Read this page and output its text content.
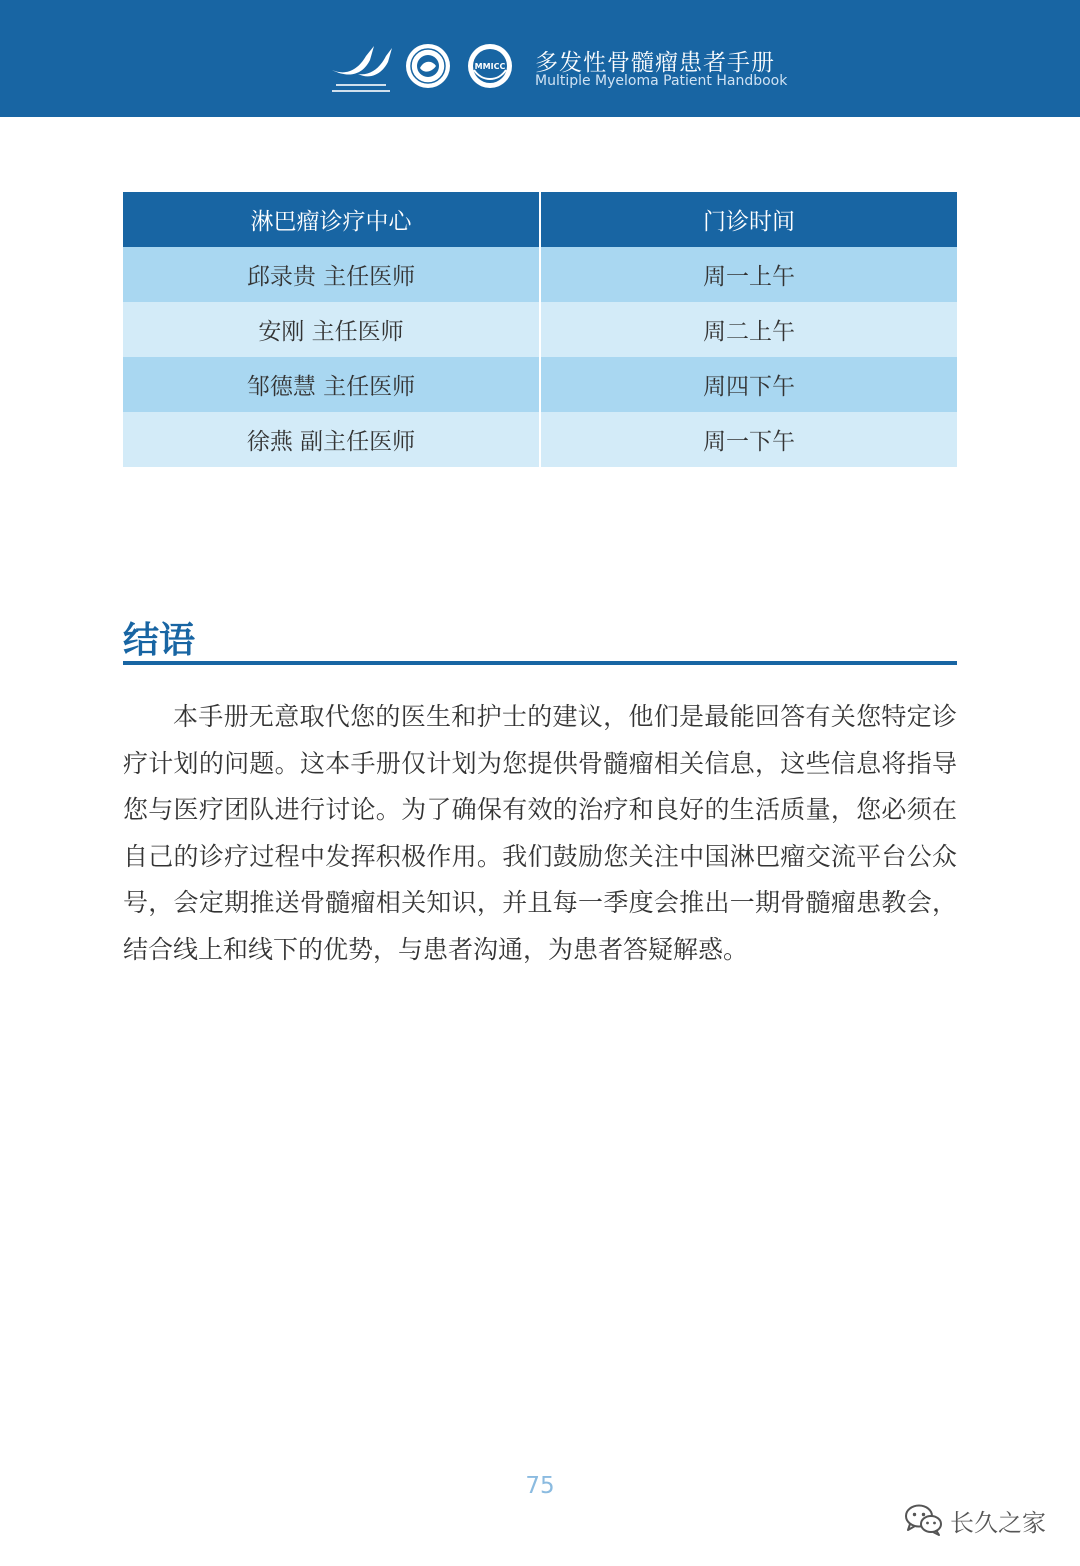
MMICC 多发性骨髓瘤患者手册
Multiple Myeloma Patient Handbook
淋巴瘤诊疗中心	门诊时间
邱录贵 主任医师	周一上午
安刚 主任医师	周二上午
邹德慧 主任医师	周四下午
徐燕 副主任医师	周一下午
结语

本手册无意取代您的医生和护士的建议，他们是最能回答有关您特定诊疗计划的问题。这本手册仅计划为您提供骨髓瘤相关信息，这些信息将指导您与医疗团队进行讨论。为了确保有效的治疗和良好的生活质量，您必须在自己的诊疗过程中发挥积极作用。我们鼓励您关注中国淋巴瘤交流平台公众号，会定期推送骨髓瘤相关知识，并且每一季度会推出一期骨髓瘤患教会，结合线上和线下的优势，与患者沟通，为患者答疑解惑。

75
长久之家
